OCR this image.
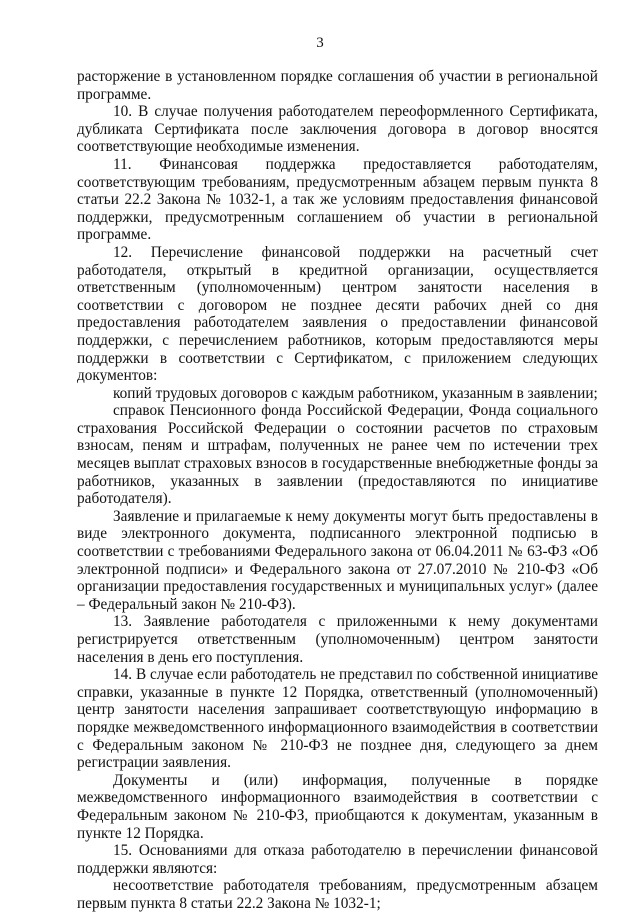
3

расторжение в установленном порядке соглашения об участии в региональной программе.

10. В случае получения работодателем переоформленного Сертификата, дубликата Сертификата после заключения договора в договор вносятся соответствующие необходимые изменения.

11. Финансовая поддержка предоставляется работодателям, соответствующим требованиям, предусмотренным абзацем первым пункта 8 статьи 22.2 Закона № 1032-1, а так же условиям предоставления финансовой поддержки, предусмотренным соглашением об участии в региональной программе.

12. Перечисление финансовой поддержки на расчетный счет работодателя, открытый в кредитной организации, осуществляется ответственным (уполномоченным) центром занятости населения в соответствии с договором не позднее десяти рабочих дней со дня предоставления работодателем заявления о предоставлении финансовой поддержки, с перечислением работников, которым предоставляются меры поддержки в соответствии с Сертификатом, с приложением следующих документов:

копий трудовых договоров с каждым работником, указанным в заявлении;

справок Пенсионного фонда Российской Федерации, Фонда социального страхования Российской Федерации о состоянии расчетов по страховым взносам, пеням и штрафам, полученных не ранее чем по истечении трех месяцев выплат страховых взносов в государственные внебюджетные фонды за работников, указанных в заявлении (предоставляются по инициативе работодателя).

Заявление и прилагаемые к нему документы могут быть предоставлены в виде электронного документа, подписанного электронной подписью в соответствии с требованиями Федерального закона от 06.04.2011 № 63-ФЗ «Об электронной подписи» и Федерального закона от 27.07.2010 № 210-ФЗ «Об организации предоставления государственных и муниципальных услуг» (далее – Федеральный закон № 210-ФЗ).

13. Заявление работодателя с приложенными к нему документами регистрируется ответственным (уполномоченным) центром занятости населения в день его поступления.

14. В случае если работодатель не представил по собственной инициативе справки, указанные в пункте 12 Порядка, ответственный (уполномоченный) центр занятости населения запрашивает соответствующую информацию в порядке межведомственного информационного взаимодействия в соответствии с Федеральным законом № 210-ФЗ не позднее дня, следующего за днем регистрации заявления.

Документы и (или) информация, полученные в порядке межведомственного информационного взаимодействия в соответствии с Федеральным законом № 210-ФЗ, приобщаются к документам, указанным в пункте 12 Порядка.

15. Основаниями для отказа работодателю в перечислении финансовой поддержки являются:

несоответствие работодателя требованиям, предусмотренным абзацем первым пункта 8 статьи 22.2 Закона № 1032-1;
